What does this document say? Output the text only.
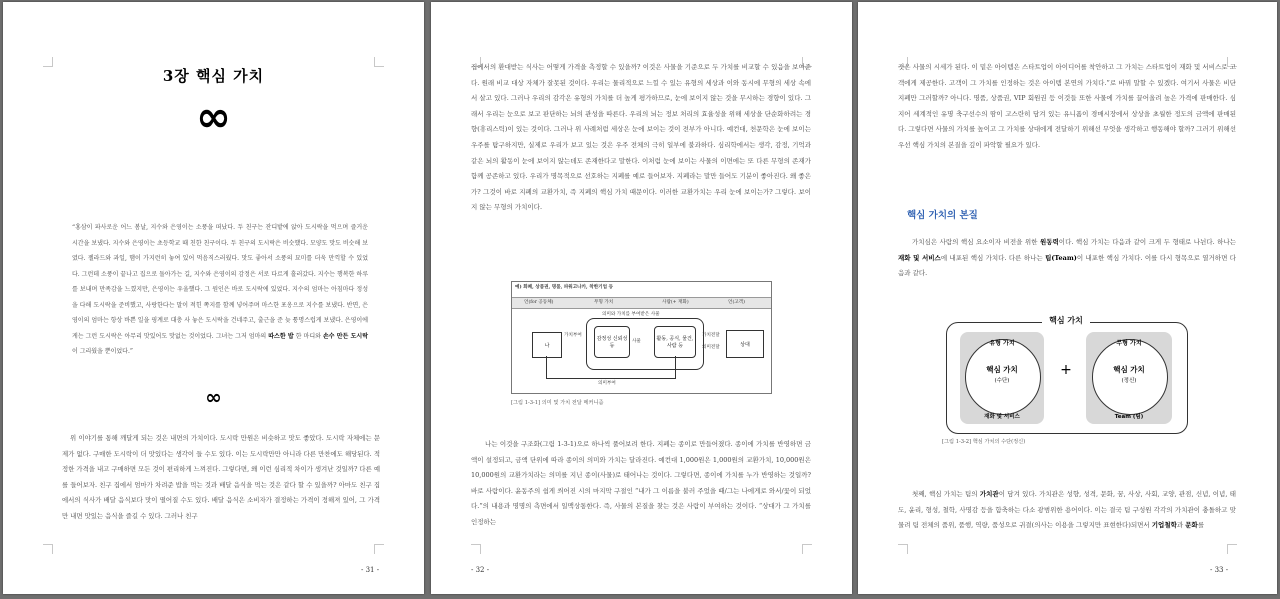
3장 핵심 가치
∞

“홍삼이 파사로운 어느 봄날, 지수와 은영이는 소풍을 떠났다. 두 친구는 잔디밭에 앉아 도시락을 먹으며 즐거운 시간을 보냈다. 지수와 은영이는 초등학교 때 친한 친구이다. 두 친구의 도시락은 비슷했다. 모양도 맛도 비슷해 보였다. 젤라드와 과일, 햄이 가지런히 놓여 있어 먹음직스러웠다. 맛도 좋아서 소풍의 묘미를 더욱 만끽할 수 있었다. 그런데 소풍이 끝나고 집으로 돌아가는 길, 지수와 은영이의 감정은 서로 다르게 흘러갔다. 지수는 행복한 하루를 보내며 만족감을 느꼈지만, 은영이는 우울했다. 그 원인은 바로 도시락에 있었다. 지수의 엄마는 아침마다 정성을 다해 도시락을 준비했고, 사랑한다는 말이 적힌 쪽지를 함께 넣어주며 마스한 포옹으로 지수를 보냈다. 반면, 은영이의 엄마는 항상 바쁜 일을 핑계로 대충 사 놓은 도시락을 건네주고, 출근을 준 늦 퉁명스럽게 보냈다. 은영이에게는 그런 도시락은 아무리 맛있어도 맛없는 것이었다. 그녀는 그저 엄마의 따스한 밥 한 마디와 손수 만든 도시락이 그리웠을 뿐이었다.”

∞
위 이야기를 통해 깨달게 되는 것은 내면의 가치이다. 도시락 만원은 비슷하고 맛도 좋았다. 도시락 자체에는 문제가 없다. 구매한 도시락이 더 맛있다는 생각이 들 수도 있다. 이는 도시락만만 아니라 다른 만찬에도 해당된다. 적정한 가격을 내고 구매하면 모든 것이 편리하게 느껴진다. 그렇다면, 왜 이런 심리적 차이가 생겨난 것일까? 다른 예를 들어보자. 친구 집에서 엄마가 차려준 밥을 먹는 것과 배달 음식을 먹는 것은 같다 할 수 있을까? 아마도 친구 집에서의 식사가 배달 음식보다 맛이 떨어질 수도 있다. 배달 음식은 소비자가 결정하는 가격이 정해져 있어, 그 가격만 내면 맛있는 음식을 즐길 수 있다. 그러나 친구
- 31 -
집에서의 환대받는 식사는 어떻게 가격을 측정할 수 있을까? 이것은 사물을 기준으로 두 가치를 비교할 수 있음을 보여준다. 원래 비교 대상 자체가 잘못된 것이다. 우리는 물리적으로 느낄 수 있는 유형의 세상과 이와 동시에 무형의 세상 속에서 살고 있다. 그러나 우리의 감각은 유형의 가치를 더 높게 평가하므로, 눈에 보이지 않는 것을 무시하는 경향이 있다. 그래서 우리는 눈으로 보고 판단하는 뇌의 관성을 따른다. 우리의 뇌는 정보 처리의 효율성을 위해 세상을 단순화하려는 경향(휴리스틱)이 있는 것이다. 그러나 위 사례처럼 세상은 눈에 보이는 것이 전부가 아니다. 예컨대, 천문학은 눈에 보이는 우주를 탐구하지만, 실제로 우리가 보고 있는 것은 우주 전체의 극히 일부에 불과하다. 심리학에서는 생각, 감정, 기억과 같은 뇌의 활동이 눈에 보이지 않는데도 존재한다고 말한다. 이처럼 눈에 보이는 사물의 이면에는 또 다른 무형의 존재가 함께 공존하고 있다. 우리가 명목적으로 선호하는 지폐를 예로 들어보자. 지폐라는 말만 들어도 기분이 좋아진다. 왜 좋은가? 그것이 바로 지폐의 교환가치, 즉 지폐의 핵심 가치 때문이다. 이러한 교환가치는 우리 눈에 보이는가? 그렇다. 보이지 않는 무형의 가치이다.
예) 화폐, 상품권, 명품, 파워고나카, 착한기업 등
언(for 공동체)	무형 가치	사람(+ 재화)	언(고객)
의미와 가치를 부여받은 사물
나
가치부여
감정성 신뢰성 등
사물	활동, 공식, 물건, 사람 등
가치전달
의미전달	상대
의미부여
[그림 1-3-1] 의미 및 가치 전달 메커니즘
나는 이것을 구조화(그림 1-3-1)으로 하나씩 풀어보려 한다. 지폐는 종이로 만들어졌다. 종이에 가치를 반영하면 금액이 설정되고, 금액 단위에 따라 종이의 의미와 가치는 달라진다. 예컨대 1,000원은 1,000원의 교환가치, 10,000원은 10,000원의 교환가치라는 의미를 지닌 종이(사물)로 태어나는 것이다. 그렇다면, 종이에 가치를 누가 반영하는 것일까? 바로 사람이다. 윤동주의 쉽게 씌어진 시의 마지막 구절인 “내가 그 이름을 불러 주었을 때/그는 나에게로 와서/꽃이 되었다.”의 내용과 명명의 측면에서 일맥상통한다. 즉, 사물의 본질을 찾는 것은 사람이 부여하는 것이다. “상대가 그 가치를 인정하는
- 32 -
것은 사물의 시세가 된다. 이 밑은 아이템은 스타트업이 아이디어를 착안하고 그 가치는 스타트업이 재화 및 서비스로 고객에게 제공한다. 고객이 그 가치를 인정하는 것은 아이템 본연의 가치다.”로 바꿔 말할 수 있겠다. 여기서 사물은 비단 지폐만 그러할까? 아니다. 명품, 상품권, VIP 회원권 등 이것들 또한 사물에 가치를 끌어올려 높은 가격에 판매한다. 심지어 세계적인 유명 축구선수의 땀이 고스란히 담겨 있는 유니폼이 경매시장에서 상상을 초월한 정도의 금액에 판매된다. 그렇다면 사물의 가치를 높이고 그 가치를 상대에게 전달하기 위해선 무엇을 생각하고 행동해야 할까? 그러기 위해선 우선 핵심 가치의 본질을 깊이 파악할 필요가 있다.
핵심 가치의 본질

가치심은 사람의 핵심 요소이자 비전을 위한 원동력이다. 핵심 가치는 다음과 같이 크게 두 형태로 나뉜다. 하나는 재화 및 서비스에 내포된 핵심 가치다. 다른 하나는 팀(Team)이 내포한 핵심 가치다. 이를 다시 형목으로 열거하면 다음과 같다.

핵심 가치
유형 가치
핵심 가치
(수단)
재화 및 서비스
+
무형 가치
핵심 가치
(정신)
Team (팀)
[그림 1-3-2] 핵심 가치의 수단(정신)

첫째, 핵심 가치는 팀의 가치관이 담겨 있다. 가치관은 성향, 성격, 문화, 꿈, 사상, 사회, 교양, 관점, 신념, 이념, 태도, 윤리, 형성, 철학, 사명감 등을 함축하는 다소 광범위한 용어이다. 이는 결국 팀 구성원 각각의 가치관이 충돌하고 맞물려 팀 전체의 품위, 품행, 역량, 품성으로 귀결(의사는 이용을 그렇지만 표현한다)되면서 기업철학과 문화를

- 33 -
